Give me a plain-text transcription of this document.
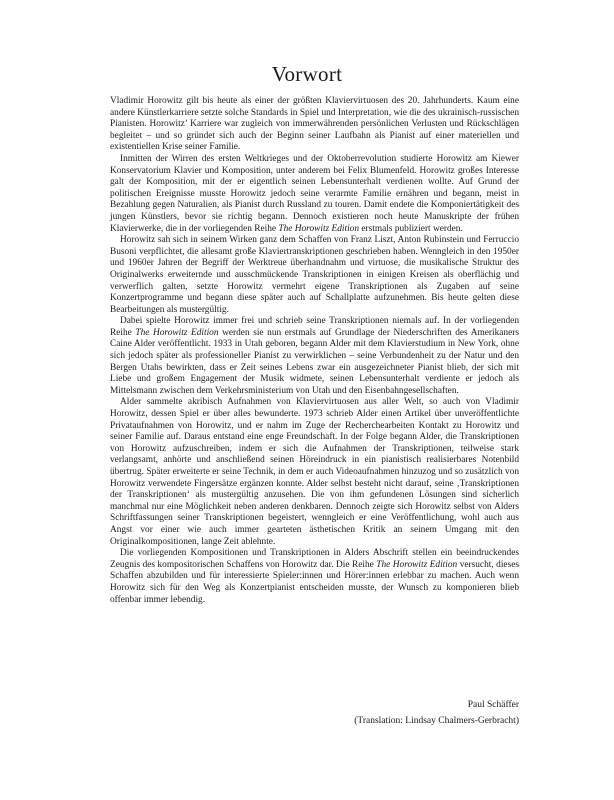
Vorwort

Vladimir Horowitz gilt bis heute als einer der größten Klaviervirtuosen des 20. Jahrhunderts. Kaum eine andere Künstlerkarriere setzte solche Standards in Spiel und Interpretation, wie die des ukrainisch-russischen Pianisten. Horowitz’ Karriere war zugleich von immerwährenden persönlichen Verlusten und Rückschlägen begleitet – und so gründet sich auch der Beginn seiner Laufbahn als Pianist auf einer materiellen und existentiellen Krise seiner Familie.

Inmitten der Wirren des ersten Weltkrieges und der Oktoberrevolution studierte Horowitz am Kiewer Konservatorium Klavier und Komposition, unter anderem bei Felix Blumenfeld. Horowitz großes Interesse galt der Komposition, mit der er eigentlich seinen Lebensunterhalt verdienen wollte. Auf Grund der politischen Ereignisse musste Horowitz jedoch seine verarmte Familie ernähren und begann, meist in Bezahlung gegen Naturalien, als Pianist durch Russland zu touren. Damit endete die Komponiertätigkeit des jungen Künstlers, bevor sie richtig begann. Dennoch existieren noch heute Manuskripte der frühen Klavierwerke, die in der vorliegenden Reihe The Horowitz Edition erstmals publiziert werden.

Horowitz sah sich in seinem Wirken ganz dem Schaffen von Franz Liszt, Anton Rubinstein und Ferruccio Busoni verpflichtet, die allesamt große Klaviertranskriptionen geschrieben haben. Wenngleich in den 1950er und 1960er Jahren der Begriff der Werktreue überhandnahm und virtuose, die musikalische Struktur des Originalwerks erweiternde und ausschmückende Transkriptionen in einigen Kreisen als oberflächig und verwerflich galten, setzte Horowitz vermehrt eigene Transkriptionen als Zugaben auf seine Konzertprogramme und begann diese später auch auf Schallplatte aufzunehmen. Bis heute gelten diese Bearbeitungen als mustergültig.

Dabei spielte Horowitz immer frei und schrieb seine Transkriptionen niemals auf. In der vorliegenden Reihe The Horowitz Edition werden sie nun erstmals auf Grundlage der Niederschriften des Amerikaners Caine Alder veröffentlicht. 1933 in Utah geboren, begann Alder mit dem Klavierstudium in New York, ohne sich jedoch später als professioneller Pianist zu verwirklichen – seine Verbundenheit zu der Natur und den Bergen Utahs bewirkten, dass er Zeit seines Lebens zwar ein ausgezeichneter Pianist blieb, der sich mit Liebe und großem Engagement der Musik widmete, seinen Lebensunterhalt verdiente er jedoch als Mittelsmann zwischen dem Verkehrsministerium von Utah und den Eisenbahngesellschaften.

Alder sammelte akribisch Aufnahmen von Klaviervirtuosen aus aller Welt, so auch von Vladimir Horowitz, dessen Spiel er über alles bewunderte. 1973 schrieb Alder einen Artikel über unveröffentlichte Privataufnahmen von Horowitz, und er nahm im Zuge der Recherchearbeiten Kontakt zu Horowitz und seiner Familie auf. Daraus entstand eine enge Freundschaft. In der Folge begann Alder, die Transkriptionen von Horowitz aufzuschreiben, indem er sich die Aufnahmen der Transkriptionen, teilweise stark verlangsamt, anhörte und anschließend seinen Höreindruck in ein pianistisch realisierbares Notenbild übertrug. Später erweiterte er seine Technik, in dem er auch Videoaufnahmen hinzuzog und so zusätzlich von Horowitz verwendete Fingersätze ergänzen konnte. Alder selbst besteht nicht darauf, seine ‚Transkriptionen der Transkriptionen‘ als mustergültig anzusehen. Die von ihm gefundenen Lösungen sind sicherlich manchmal nur eine Möglichkeit neben anderen denkbaren. Dennoch zeigte sich Horowitz selbst von Alders Schriftfassungen seiner Transkriptionen begeistert, wenngleich er eine Veröffentlichung, wohl auch aus Angst vor einer wie auch immer gearteten ästhetischen Kritik an seinem Umgang mit den Originalkompositionen, lange Zeit ablehnte.

Die vorliegenden Kompositionen und Transkriptionen in Alders Abschrift stellen ein beeindruckendes Zeugnis des kompositorischen Schaffens von Horowitz dar. Die Reihe The Horowitz Edition versucht, dieses Schaffen abzubilden und für interessierte Spieler:innen und Hörer:innen erlebbar zu machen. Auch wenn Horowitz sich für den Weg als Konzertpianist entscheiden musste, der Wunsch zu komponieren blieb offenbar immer lebendig.

Paul Schäffer
(Translation: Lindsay Chalmers-Gerbracht)
